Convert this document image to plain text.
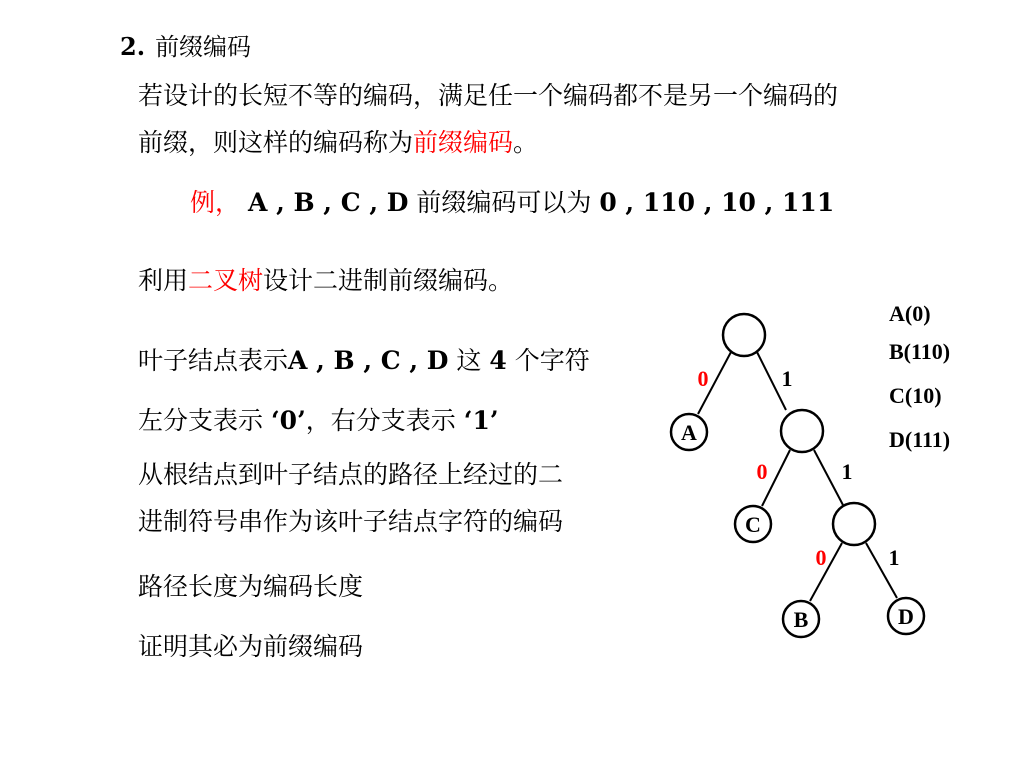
2. 前缀编码
若设计的长短不等的编码，满足任一个编码都不是另一个编码的
前缀，则这样的编码称为前缀编码。
例， A , B , C , D 前缀编码可以为 0 , 110 , 10 , 111
利用二叉树设计二进制前缀编码。
叶子结点表示A , B , C , D 这 4 个字符
左分支表示 ‘0’，右分支表示 ‘1’
从根结点到叶子结点的路径上经过的二
进制符号串作为该叶子结点字符的编码
路径长度为编码长度
证明其必为前缀编码
A
C
B	D
0	1
0	1
0	1
A(0)
B(110)
C(10)
D(111)
